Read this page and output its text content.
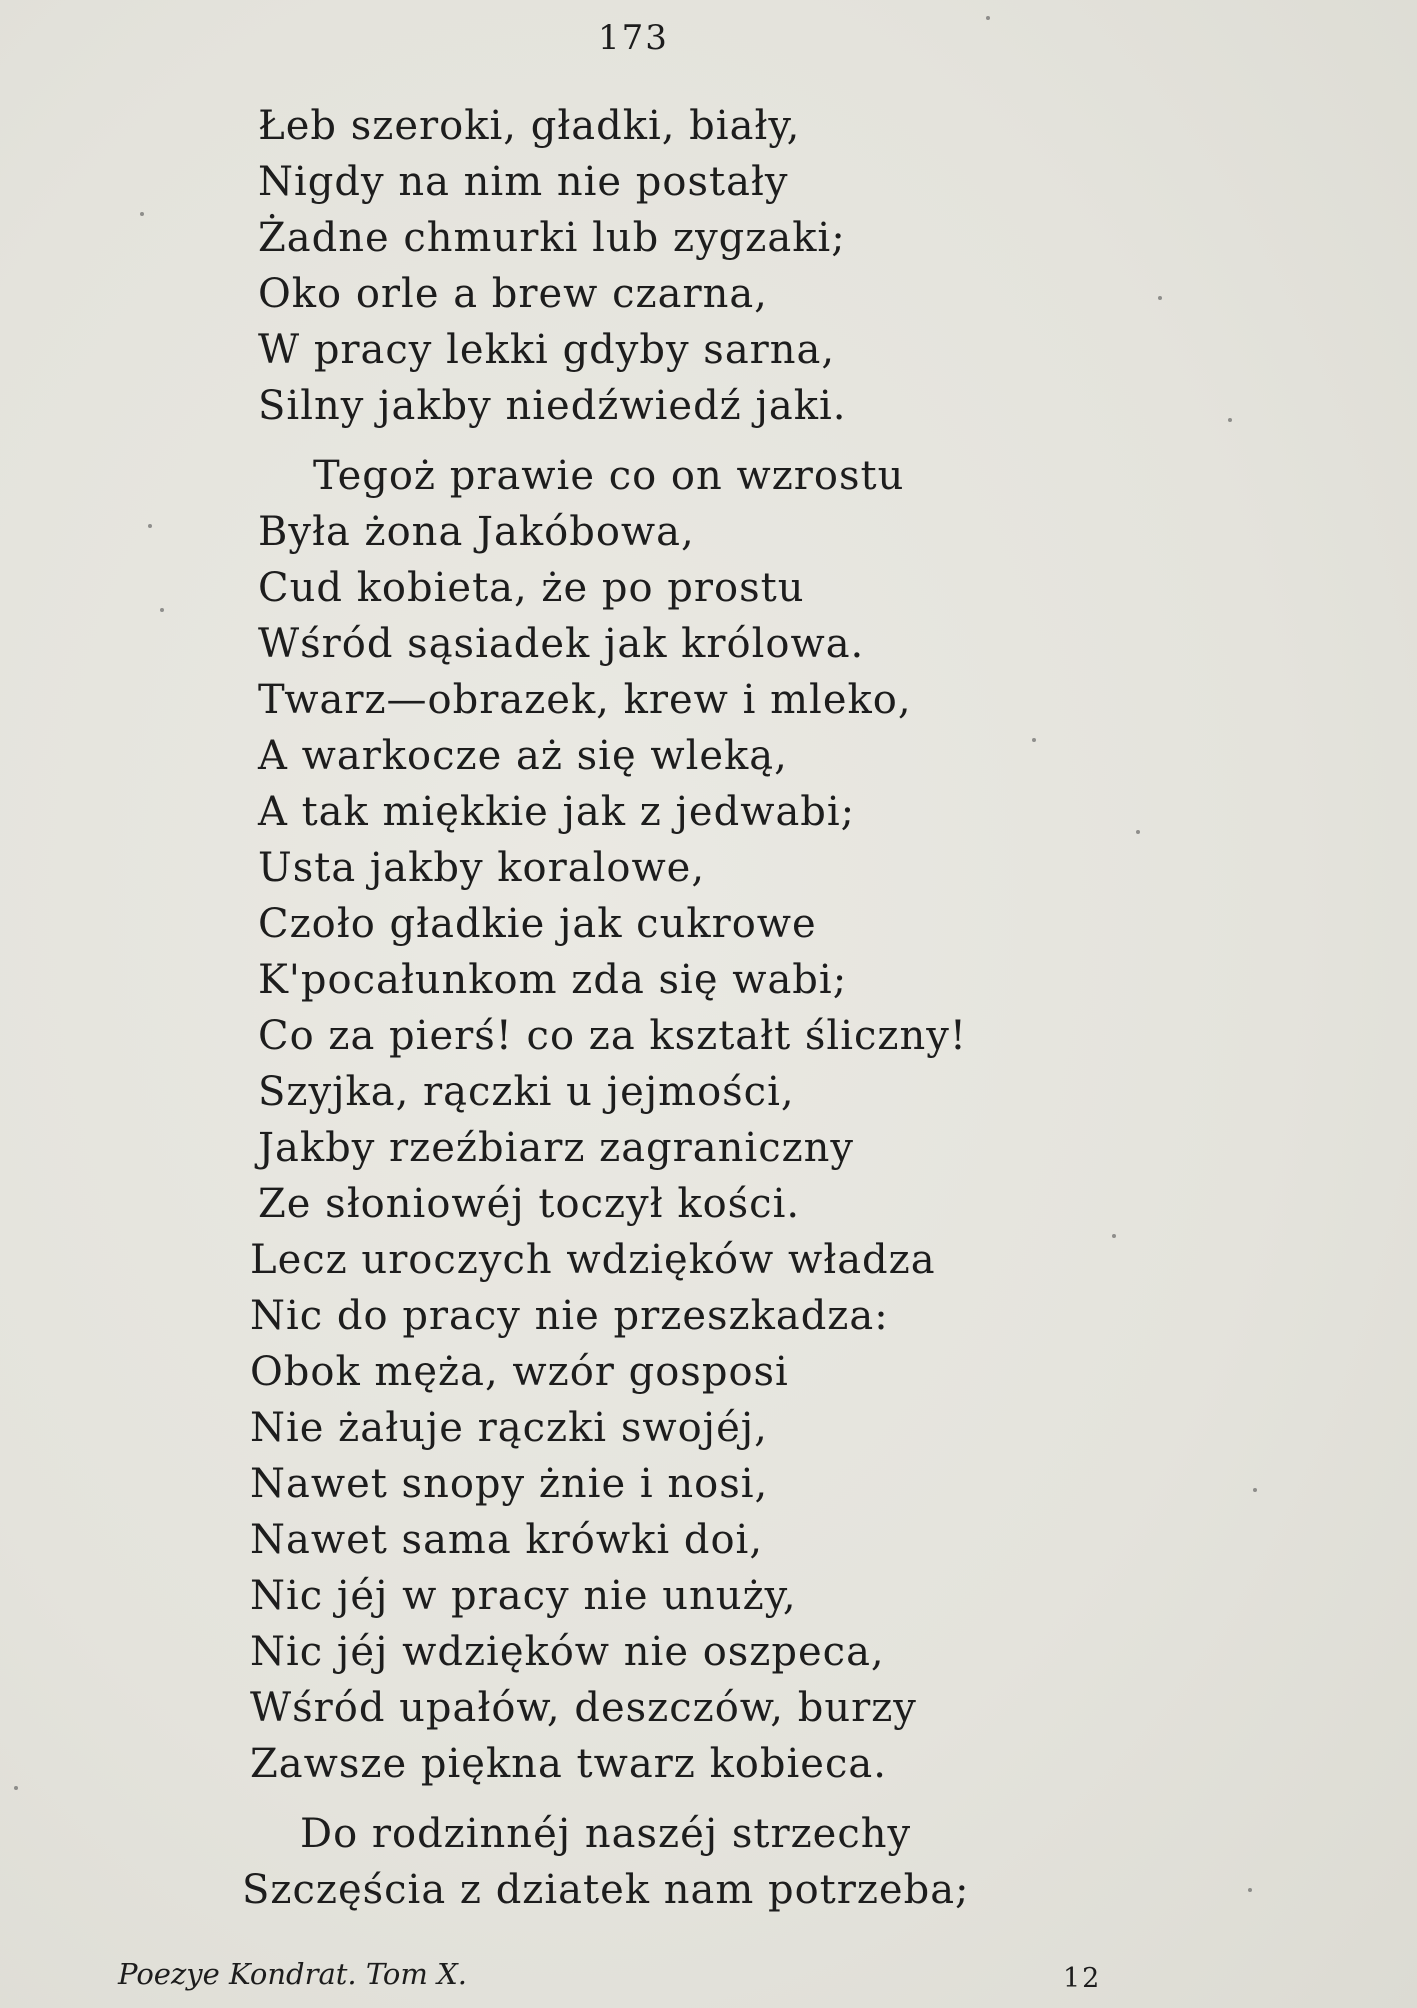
173
Łeb szeroki, gładki, biały,
Nigdy na nim nie postały
Żadne chmurki lub zygzaki;
Oko orle a brew czarna,
W pracy lekki gdyby sarna,
Silny jakby niedźwiedź jaki.
Tegoż prawie co on wzrostu
Była żona Jakóbowa,
Cud kobieta, że po prostu
Wśród sąsiadek jak królowa.
Twarz—obrazek, krew i mleko,
A warkocze aż się wleką,
A tak miękkie jak z jedwabi;
Usta jakby koralowe,
Czoło gładkie jak cukrowe
K'pocałunkom zda się wabi;
Co za pierś! co za kształt śliczny!
Szyjka, rączki u jejmości,
Jakby rzeźbiarz zagraniczny
Ze słoniowéj toczył kości.
Lecz uroczych wdzięków władza
Nic do pracy nie przeszkadza:
Obok męża, wzór gosposi
Nie żałuje rączki swojéj,
Nawet snopy żnie i nosi,
Nawet sama krówki doi,
Nic jéj w pracy nie unuży,
Nic jéj wdzięków nie oszpeca,
Wśród upałów, deszczów, burzy
Zawsze piękna twarz kobieca.
Do rodzinnéj naszéj strzechy
Szczęścia z dziatek nam potrzeba;
Poezye Kondrat. Tom X.	12
